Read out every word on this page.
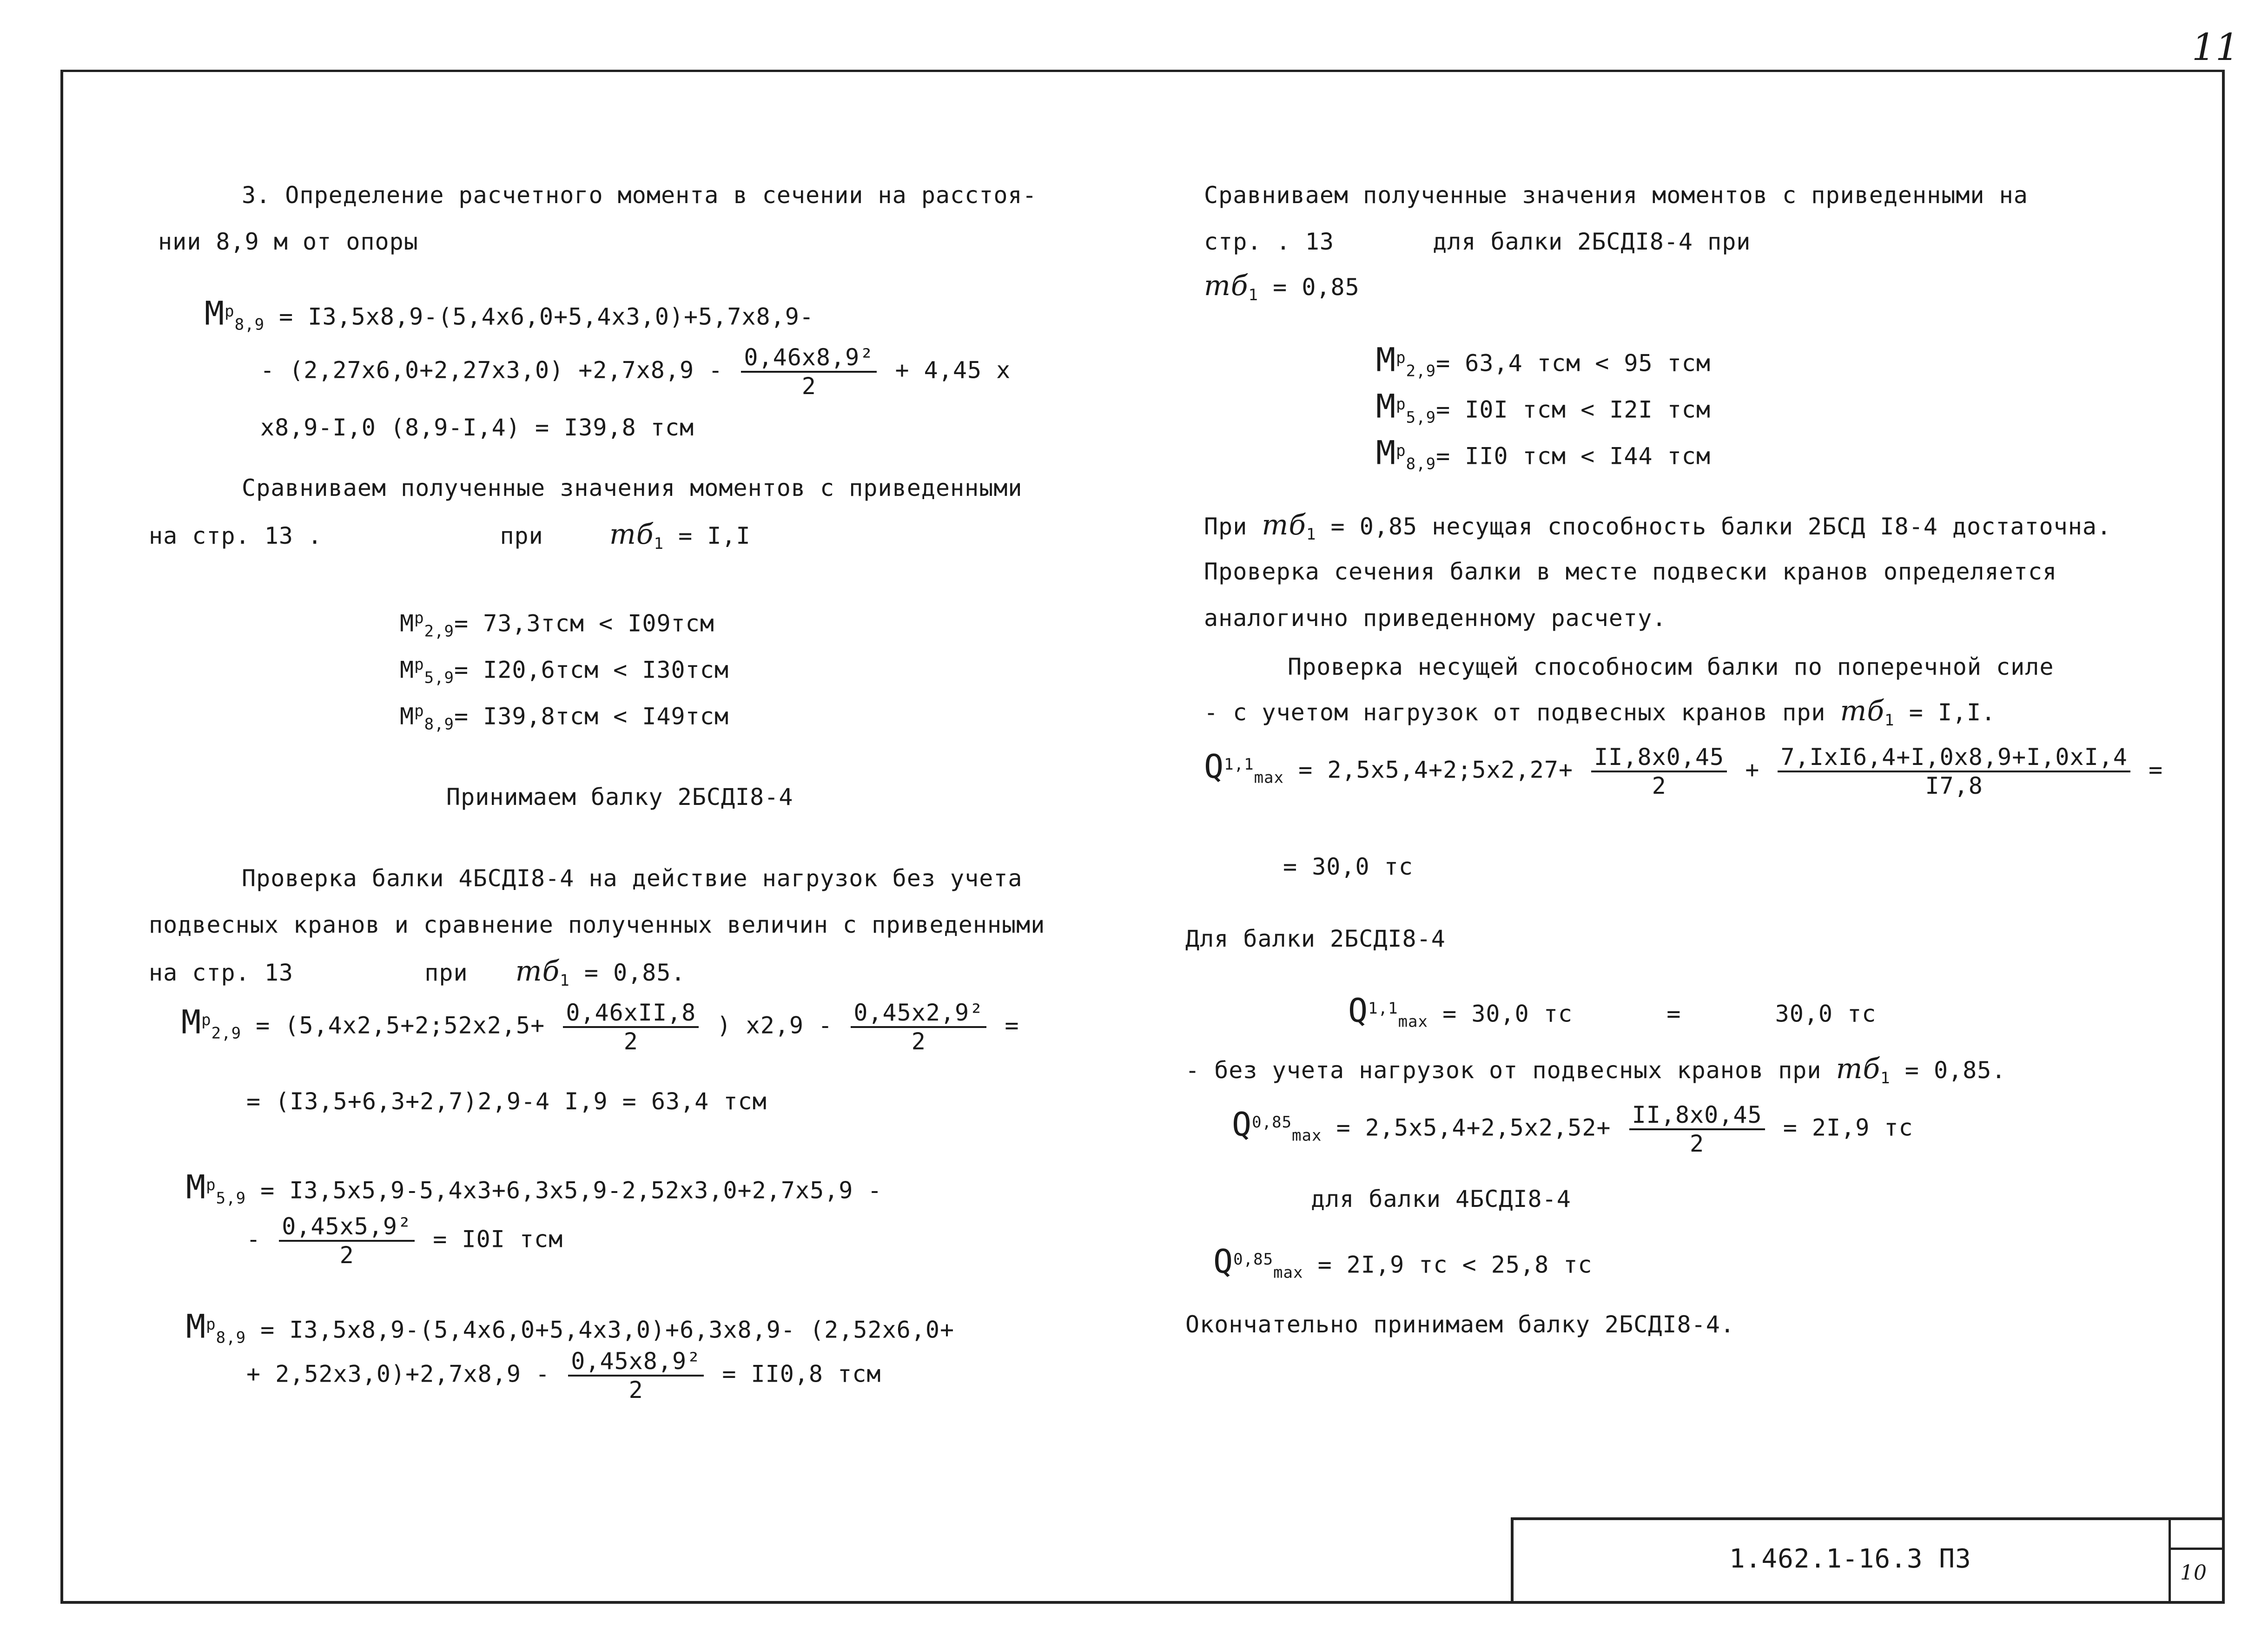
11
1.462.1-16.3 П3	10
3. Определение расчетного момента в сечении на расстоя-
нии 8,9 м от опоры
$M^р_{8,9} = I3,5x8,9-(5,4x6,0+5,4x3,0)+5,7x8,9-$
- $(2,27x6,0+2,27x3,0) +2,7x8,9 - \frac{\text{0,46x8,9²}}{2} + 4,45$ x
x8,9-I,0 (8,9-I,4) = I39,8 тсм
Сравниваем полученные значения моментов с приведенными
на стр. 13 .	при $mб_1 = I,I$
$M^р_{2,9}= 73,3тсм < I09тсм$
$M^р_{5,9}= I20,6тсм < I30тсм$
$M^р_{8,9}= I39,8тсм < I49тсм$
Принимаем балку 2БСДI8-4
Проверка балки 4БСДI8-4 на действие нагрузок без учета
подвесных кранов и сравнение полученных величин с приведенными
на стр. 13	при $mб_1 = 0,85$.
$M^р_{2,9}$ = (5,4x2,5+2;52x2,5+ $\frac{\text{0,46xII,8}}{2}$ ) $x2,9 - \frac{\text{0,45x2,9²}}{2}$ =
= (I3,5+6,3+2,7)2,9-4 I,9 = 63,4 тсм
$M^р_{5,9} = I3,5x5,9-5,4x3+6,3x5,9-2,52x3,0+2,7x5,9$ -
- $\frac{\text{0,45x5,9²}}{2} = I0I$ тсм
$M^р_{8,9} = I3,5x8,9-(5,4x6,0+5,4x3,0)+6,3x8,9-$ (2,52x6,0+
+ $2,52x3,0)+2,7x8,9 - \frac{\text{0,45x8,9²}}{2} = II0,8$ тсм
Сравниваем полученные значения моментов с приведенными на
стр. . 13	для балки 2БСДI8-4 при
$mб_1 = 0,85$
$M^р_{2,9}= 63,4$ тсм < 95 тсм
$M^р_{5,9}= I0I$ тсм < I2I тсм
$M^р_{8,9}= II0$ тсм < I44 тсм
При $mб_1 = 0,85$ несущая способность балки 2БСД I8-4 достаточна.
Проверка сечения балки в месте подвески кранов определяется
аналогично приведенному расчету.
Проверка несущей способносим балки по поперечной силе
- с учетом нагрузок от подвесных кранов при $mб_1 = I,I$.
Q$^{1,1}_{max}$ = 2,5x5,4+2;5x2,27+ $\frac{II,8x0,45}{2} + \frac{\text{7,IxI6,4+I,0x8,9+I,0xI,4}}{I7,8}$ =
= 30,0 тс
Для балки 2БСДI8-4
Q$^{1,1}_{max}$ = 30,0 тс	=	30,0 тс
- без учета нагрузок от подвесных кранов при $mб_1 = 0,85$.
$Q^{0,85}_{max} = 2,5x5,4+2,5x2,52+ \frac{II,8x0,45}{2} = 2I,9$ тс
для балки 4БСДI8-4
Q$^{0,85}_{max}$ = 2I,9 тс < 25,8 тс
Окончательно принимаем балку 2БСДI8-4.
